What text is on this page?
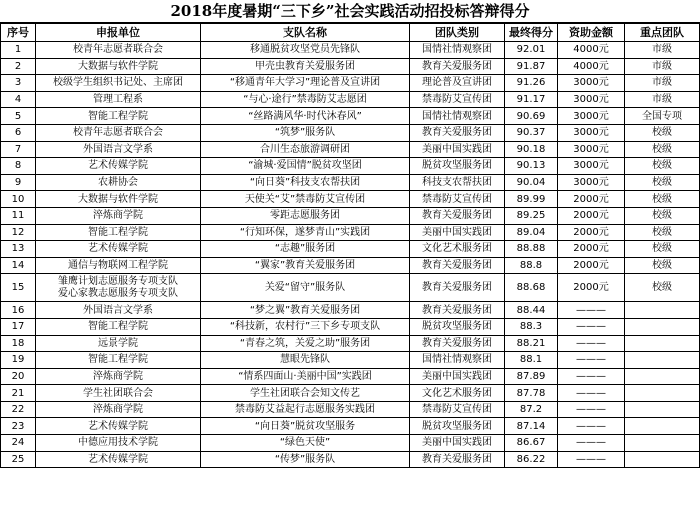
2018年度暑期“三下乡”社会实践活动招投标答辩得分
序号	申报单位	支队名称	团队类别	最终得分	资助金额	重点团队
1	校青年志愿者联合会	移通脱贫攻坚党员先锋队	国情社情观察团	92.01	4000元	市级
2	大数据与软件学院	甲壳虫教育关爱服务团	教育关爱服务团	91.87	4000元	市级
3	校级学生组织书记处、主席团	“移通青年大学习”理论普及宣讲团	理论普及宣讲团	91.26	3000元	市级
4	管理工程系	“与心·途行”禁毒防艾志愿团	禁毒防艾宣传团	91.17	3000元	市级
5	智能工程学院	“丝路满风华·时代沐春风”	国情社情观察团	90.69	3000元	全国专项
6	校青年志愿者联合会	“筑梦”服务队	教育关爱服务团	90.37	3000元	校级
7	外国语言文学系	合川生态旅游调研团	美丽中国实践团	90.18	3000元	校级
8	艺术传媒学院	“渝城·爱国情”脱贫攻坚团	脱贫攻坚服务团	90.13	3000元	校级
9	农耕协会	“向日葵”科技支农帮扶团	科技支农帮扶团	90.04	3000元	校级
10	大数据与软件学院	天使关“艾”禁毒防艾宣传团	禁毒防艾宣传团	89.99	2000元	校级
11	淬炼商学院	零距志愿服务团	教育关爱服务团	89.25	2000元	校级
12	智能工程学院	“行知环保，遂梦青山”实践团	美丽中国实践团	89.04	2000元	校级
13	艺术传媒学院	“志趣”服务团	文化艺术服务团	88.88	2000元	校级
14	通信与物联网工程学院	“翼家”教育关爱服务团	教育关爱服务团	88.8	2000元	校级
15	雏鹰计划志愿服务专项支队
爱心家教志愿服务专项支队	关爱“留守”服务队	教育关爱服务团	88.68	2000元	校级
16	外国语言文学系	“梦之翼”教育关爱服务团	教育关爱服务团	88.44	———	
17	智能工程学院	“科技新，农村行”三下乡专项支队	脱贫攻坚服务团	88.3	———	
18	远景学院	“青春之筑，关爱之助”服务团	教育关爱服务团	88.21	———	
19	智能工程学院	慧眼先锋队	国情社情观察团	88.1	———	
20	淬炼商学院	“情系四面山·美丽中国”实践团	美丽中国实践团	87.89	———	
21	学生社团联合会	学生社团联合会知文传艺	文化艺术服务团	87.78	———	
22	淬炼商学院	禁毒防艾益起行志愿服务实践团	禁毒防艾宣传团	87.2	———	
23	艺术传媒学院	“向日葵”脱贫攻坚服务	脱贫攻坚服务团	87.14	———	
24	中德应用技术学院	“绿色天使”	美丽中国实践团	86.67	———	
25	艺术传媒学院	“传梦”服务队	教育关爱服务团	86.22	———	
